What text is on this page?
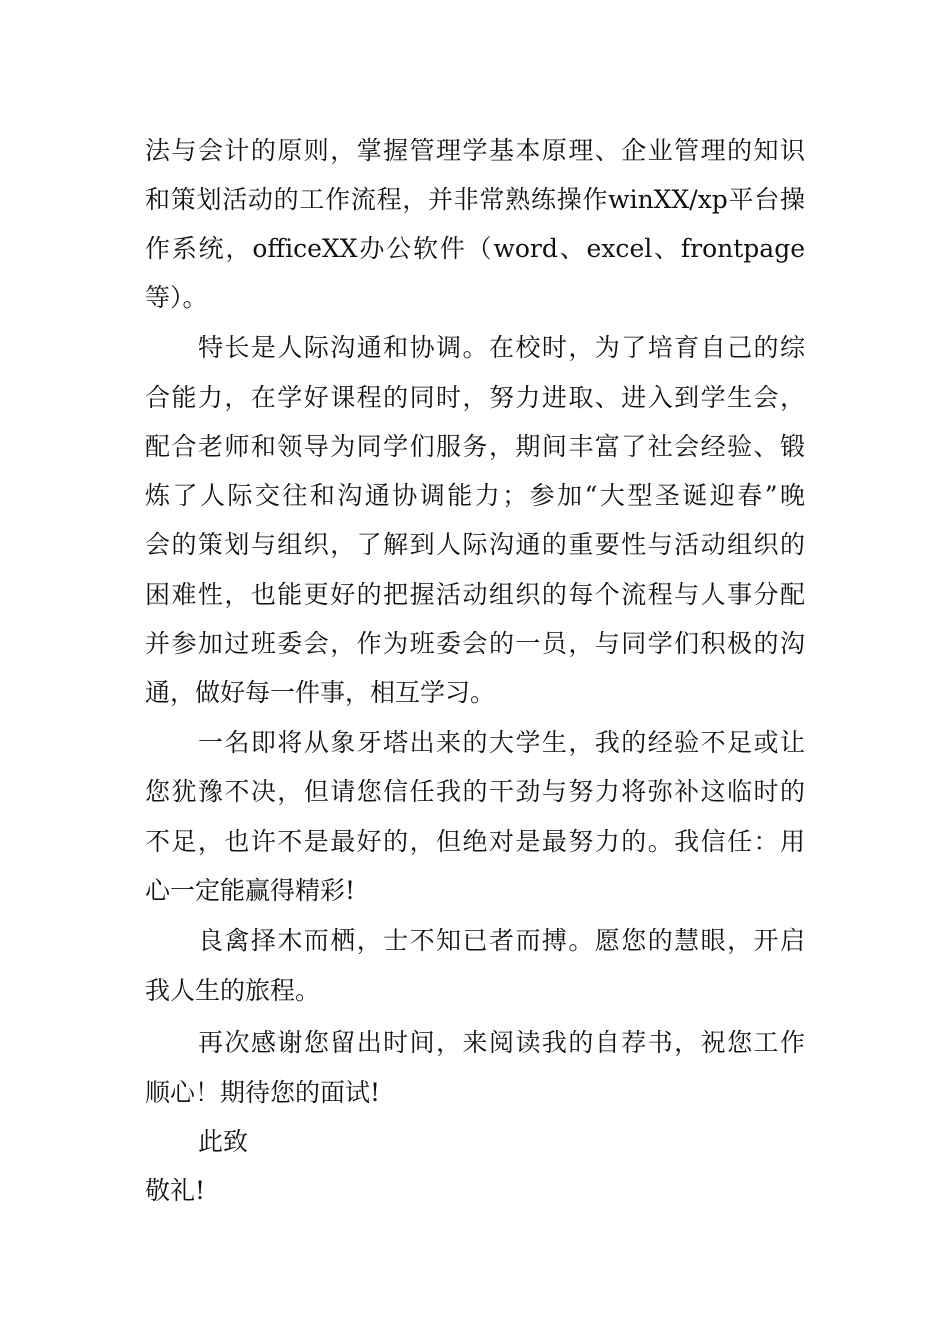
法与会计的原则，掌握管理学基本原理、企业管理的知识
和策划活动的工作流程，并非常熟练操作winXX/xp平台操
作系统，officeXX办公软件（word、excel、frontpage
等）。
特长是人际沟通和协调。在校时，为了培育自己的综
合能力，在学好课程的同时，努力进取、进入到学生会，
配合老师和领导为同学们服务，期间丰富了社会经验、锻
炼了人际交往和沟通协调能力；参加“大型圣诞迎春”晚
会的策划与组织，了解到人际沟通的重要性与活动组织的
困难性，也能更好的把握活动组织的每个流程与人事分配
并参加过班委会，作为班委会的一员，与同学们积极的沟
通，做好每一件事，相互学习。
一名即将从象牙塔出来的大学生，我的经验不足或让
您犹豫不决，但请您信任我的干劲与努力将弥补这临时的
不足，也许不是最好的，但绝对是最努力的。我信任：用
心一定能赢得精彩!
良禽择木而栖，士不知已者而搏。愿您的慧眼，开启
我人生的旅程。
再次感谢您留出时间，来阅读我的自荐书，祝您工作
顺心！期待您的面试!
此致
敬礼!
